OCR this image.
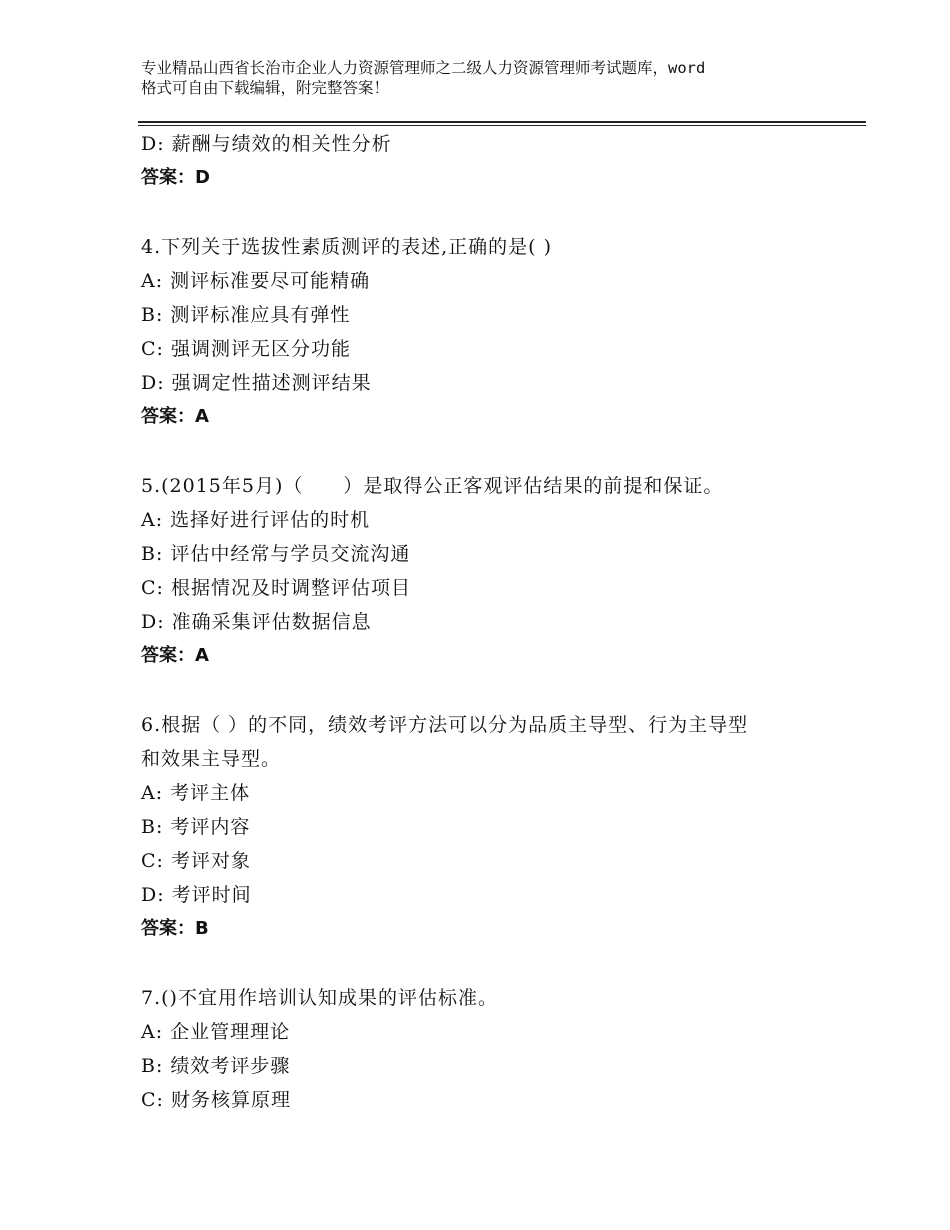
专业精品山西省长治市企业人力资源管理师之二级人力资源管理师考试题库，word
格式可自由下载编辑，附完整答案！
D: 薪酬与绩效的相关性分析
答案：D
4.下列关于选拔性素质测评的表述,正确的是( )
A: 测评标准要尽可能精确
B: 测评标准应具有弹性
C: 强调测评无区分功能
D: 强调定性描述测评结果
答案：A
5.(2015年5月)（　　）是取得公正客观评估结果的前提和保证。
A: 选择好进行评估的时机
B: 评估中经常与学员交流沟通
C: 根据情况及时调整评估项目
D: 准确采集评估数据信息
答案：A
6.根据（ ）的不同，绩效考评方法可以分为品质主导型、行为主导型
和效果主导型。
A: 考评主体
B: 考评内容
C: 考评对象
D: 考评时间
答案：B
7.()不宜用作培训认知成果的评估标准。
A: 企业管理理论
B: 绩效考评步骤
C: 财务核算原理
